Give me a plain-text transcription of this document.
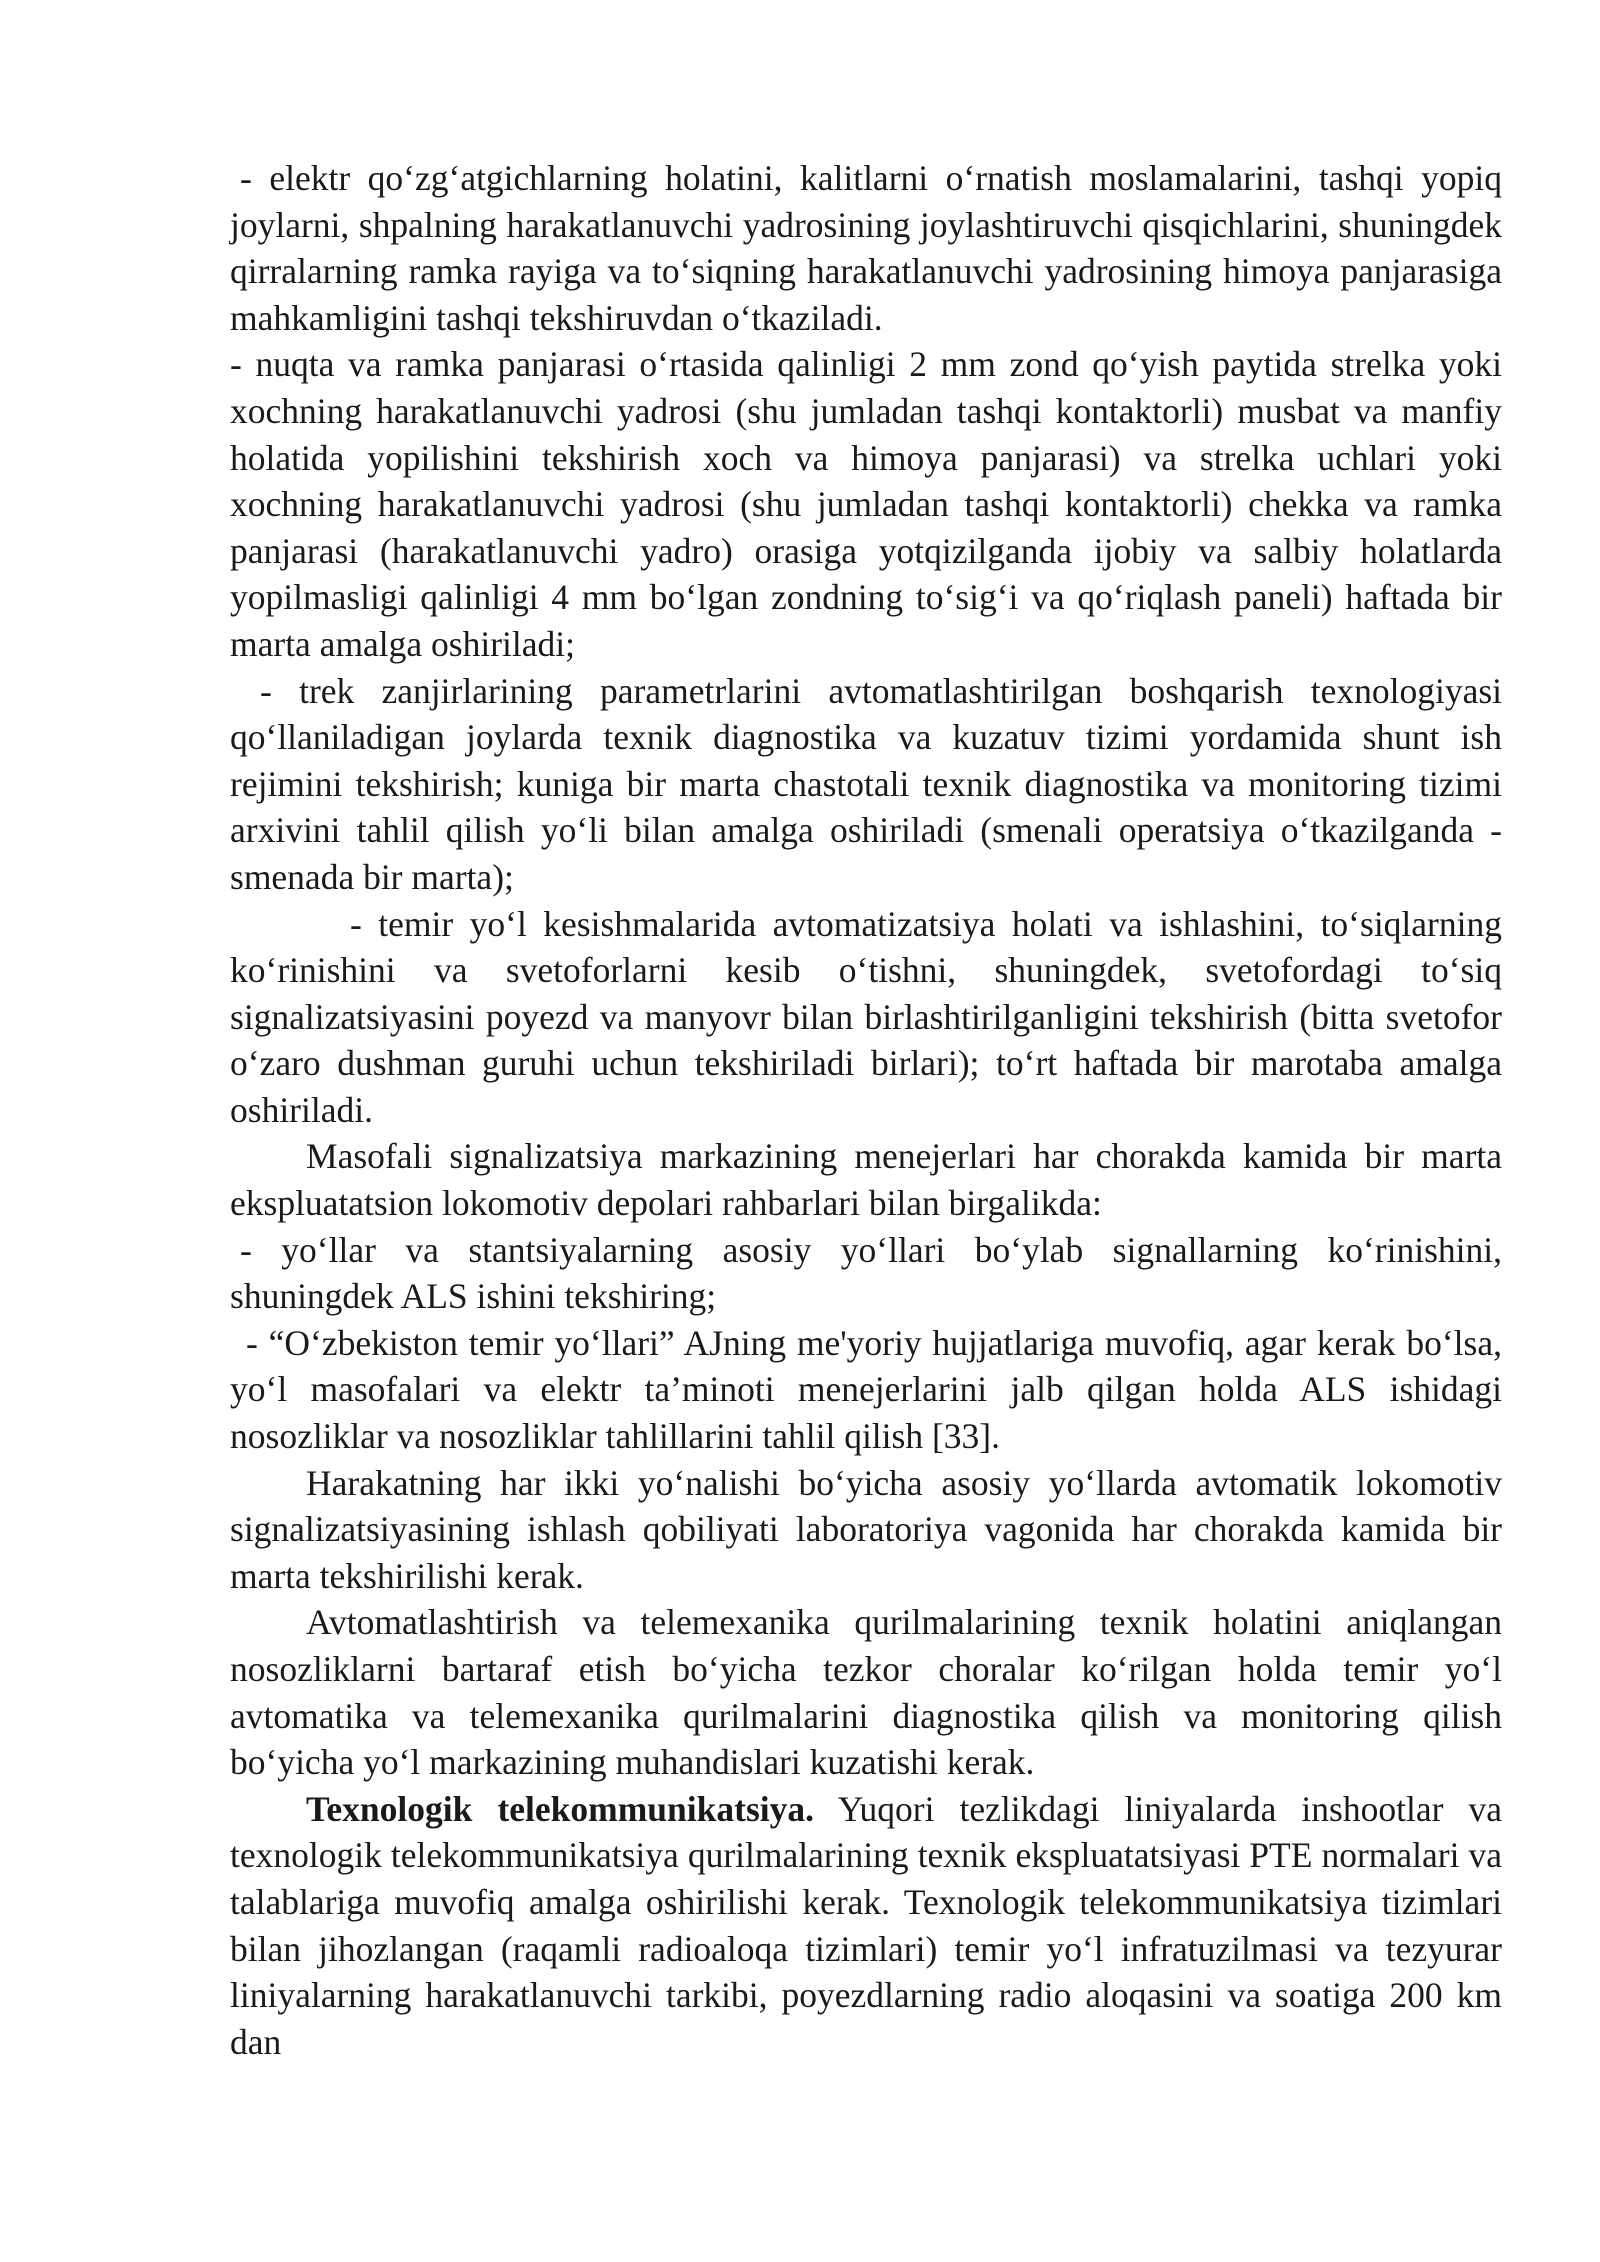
- elektr qo‘zg‘atgichlarning holatini, kalitlarni o‘rnatish moslamalarini, tashqi yopiq joylarni, shpalning harakatlanuvchi yadrosining joylashtiruvchi qisqichlarini, shuningdek qirralarning ramka rayiga va to‘siqning harakatlanuvchi yadrosining himoya panjarasiga mahkamligini tashqi tekshiruvdan o‘tkaziladi.

- nuqta va ramka panjarasi o‘rtasida qalinligi 2 mm zond qo‘yish paytida strelka yoki xochning harakatlanuvchi yadrosi (shu jumladan tashqi kontaktorli) musbat va manfiy holatida yopilishini tekshirish xoch va himoya panjarasi) va strelka uchlari yoki xochning harakatlanuvchi yadrosi (shu jumladan tashqi kontaktorli) chekka va ramka panjarasi (harakatlanuvchi yadro) orasiga yotqizilganda ijobiy va salbiy holatlarda yopilmasligi qalinligi 4 mm bo‘lgan zondning to‘sig‘i va qo‘riqlash paneli) haftada bir marta amalga oshiriladi;

- trek zanjirlarining parametrlarini avtomatlashtirilgan boshqarish texnologiyasi qo‘llaniladigan joylarda texnik diagnostika va kuzatuv tizimi yordamida shunt ish rejimini tekshirish; kuniga bir marta chastotali texnik diagnostika va monitoring tizimi arxivini tahlil qilish yo‘li bilan amalga oshiriladi (smenali operatsiya o‘tkazilganda - smenada bir marta);

- temir yo‘l kesishmalarida avtomatizatsiya holati va ishlashini, to‘siqlarning ko‘rinishini va svetoforlarni kesib o‘tishni, shuningdek, svetofordagi to‘siq signalizatsiyasini poyezd va manyovr bilan birlashtirilganligini tekshirish (bitta svetofor o‘zaro dushman guruhi uchun tekshiriladi birlari); to‘rt haftada bir marotaba amalga oshiriladi.

Masofali signalizatsiya markazining menejerlari har chorakda kamida bir marta ekspluatatsion lokomotiv depolari rahbarlari bilan birgalikda:

- yo‘llar va stantsiyalarning asosiy yo‘llari bo‘ylab signallarning ko‘rinishini, shuningdek ALS ishini tekshiring;

- “O‘zbekiston temir yo‘llari” AJning me'yoriy hujjatlariga muvofiq, agar kerak bo‘lsa, yo‘l masofalari va elektr ta’minoti menejerlarini jalb qilgan holda ALS ishidagi nosozliklar va nosozliklar tahlillarini tahlil qilish [33].

Harakatning har ikki yo‘nalishi bo‘yicha asosiy yo‘llarda avtomatik lokomotiv signalizatsiyasining ishlash qobiliyati laboratoriya vagonida har chorakda kamida bir marta tekshirilishi kerak.

Avtomatlashtirish va telemexanika qurilmalarining texnik holatini aniqlangan nosozliklarni bartaraf etish bo‘yicha tezkor choralar ko‘rilgan holda temir yo‘l avtomatika va telemexanika qurilmalarini diagnostika qilish va monitoring qilish bo‘yicha yo‘l markazining muhandislari kuzatishi kerak.

Texnologik telekommunikatsiya. Yuqori tezlikdagi liniyalarda inshootlar va texnologik telekommunikatsiya qurilmalarining texnik ekspluatatsiyasi PTE normalari va talablariga muvofiq amalga oshirilishi kerak. Texnologik telekommunikatsiya tizimlari bilan jihozlangan (raqamli radioaloqa tizimlari) temir yo‘l infratuzilmasi va tezyurar liniyalarning harakatlanuvchi tarkibi, poyezdlarning radio aloqasini va soatiga 200 km dan
